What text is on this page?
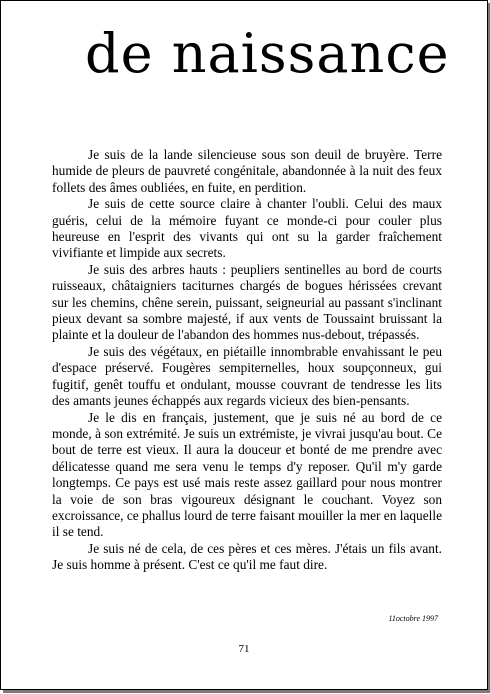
de naissance

Je suis de la lande silencieuse sous son deuil de bruyère. Terre humide de pleurs de pauvreté congénitale, abandonnée à la nuit des feux follets des âmes oubliées, en fuite, en perdition.

Je suis de cette source claire à chanter l'oubli. Celui des maux guéris, celui de la mémoire fuyant ce monde-ci pour couler plus heureuse en l'esprit des vivants qui ont su la garder fraîchement vivifiante et limpide aux secrets.

Je suis des arbres hauts : peupliers sentinelles au bord de courts ruisseaux, châtaigniers taciturnes chargés de bogues hérissées crevant sur les chemins, chêne serein, puissant, seigneurial au passant s'inclinant pieux devant sa sombre majesté, if aux vents de Toussaint bruissant la plainte et la douleur de l'abandon des hommes nus-debout, trépassés.

Je suis des végétaux, en piétaille innombrable envahissant le peu d'espace préservé. Fougères sempiternelles, houx soupçonneux, gui fugitif, genêt touffu et ondulant, mousse couvrant de tendresse les lits des amants jeunes échappés aux regards vicieux des bien-pensants.

Je le dis en français, justement, que je suis né au bord de ce monde, à son extrémité. Je suis un extrémiste, je vivrai jusqu'au bout. Ce bout de terre est vieux. Il aura la douceur et bonté de me prendre avec délicatesse quand me sera venu le temps d'y reposer. Qu'il m'y garde longtemps. Ce pays est usé mais reste assez gaillard pour nous montrer la voie de son bras vigoureux désignant le couchant. Voyez son excroissance, ce phallus lourd de terre faisant mouiller la mer en laquelle il se tend.

Je suis né de cela, de ces pères et ces mères. J'étais un fils avant. Je suis homme à présent. C'est ce qu'il me faut dire.

11octobre 1997
71
